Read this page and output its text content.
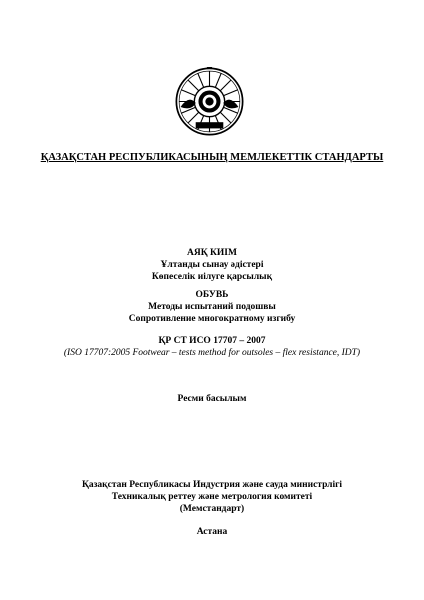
ҚАЗАҚСТАН РЕСПУБЛИКАСЫНЫҢ МЕМЛЕКЕТТІК СТАНДАРТЫ
АЯҚ КИІМ
Ұлтанды сынау әдістері
Көпеселік иілуге қарсылық
ОБУВЬ
Методы испытаний подошвы
Сопротивление многократному изгибу
ҚР СТ ИСО 17707 – 2007
(ISO 17707:2005 Footwear – tests method for outsoles – flex resistance, IDT)
Ресми басылым
Қазақстан Республикасы Индустрия және сауда министрлігі
Техникалық реттеу және метрология комитеті
(Мемстандарт)
Астана
